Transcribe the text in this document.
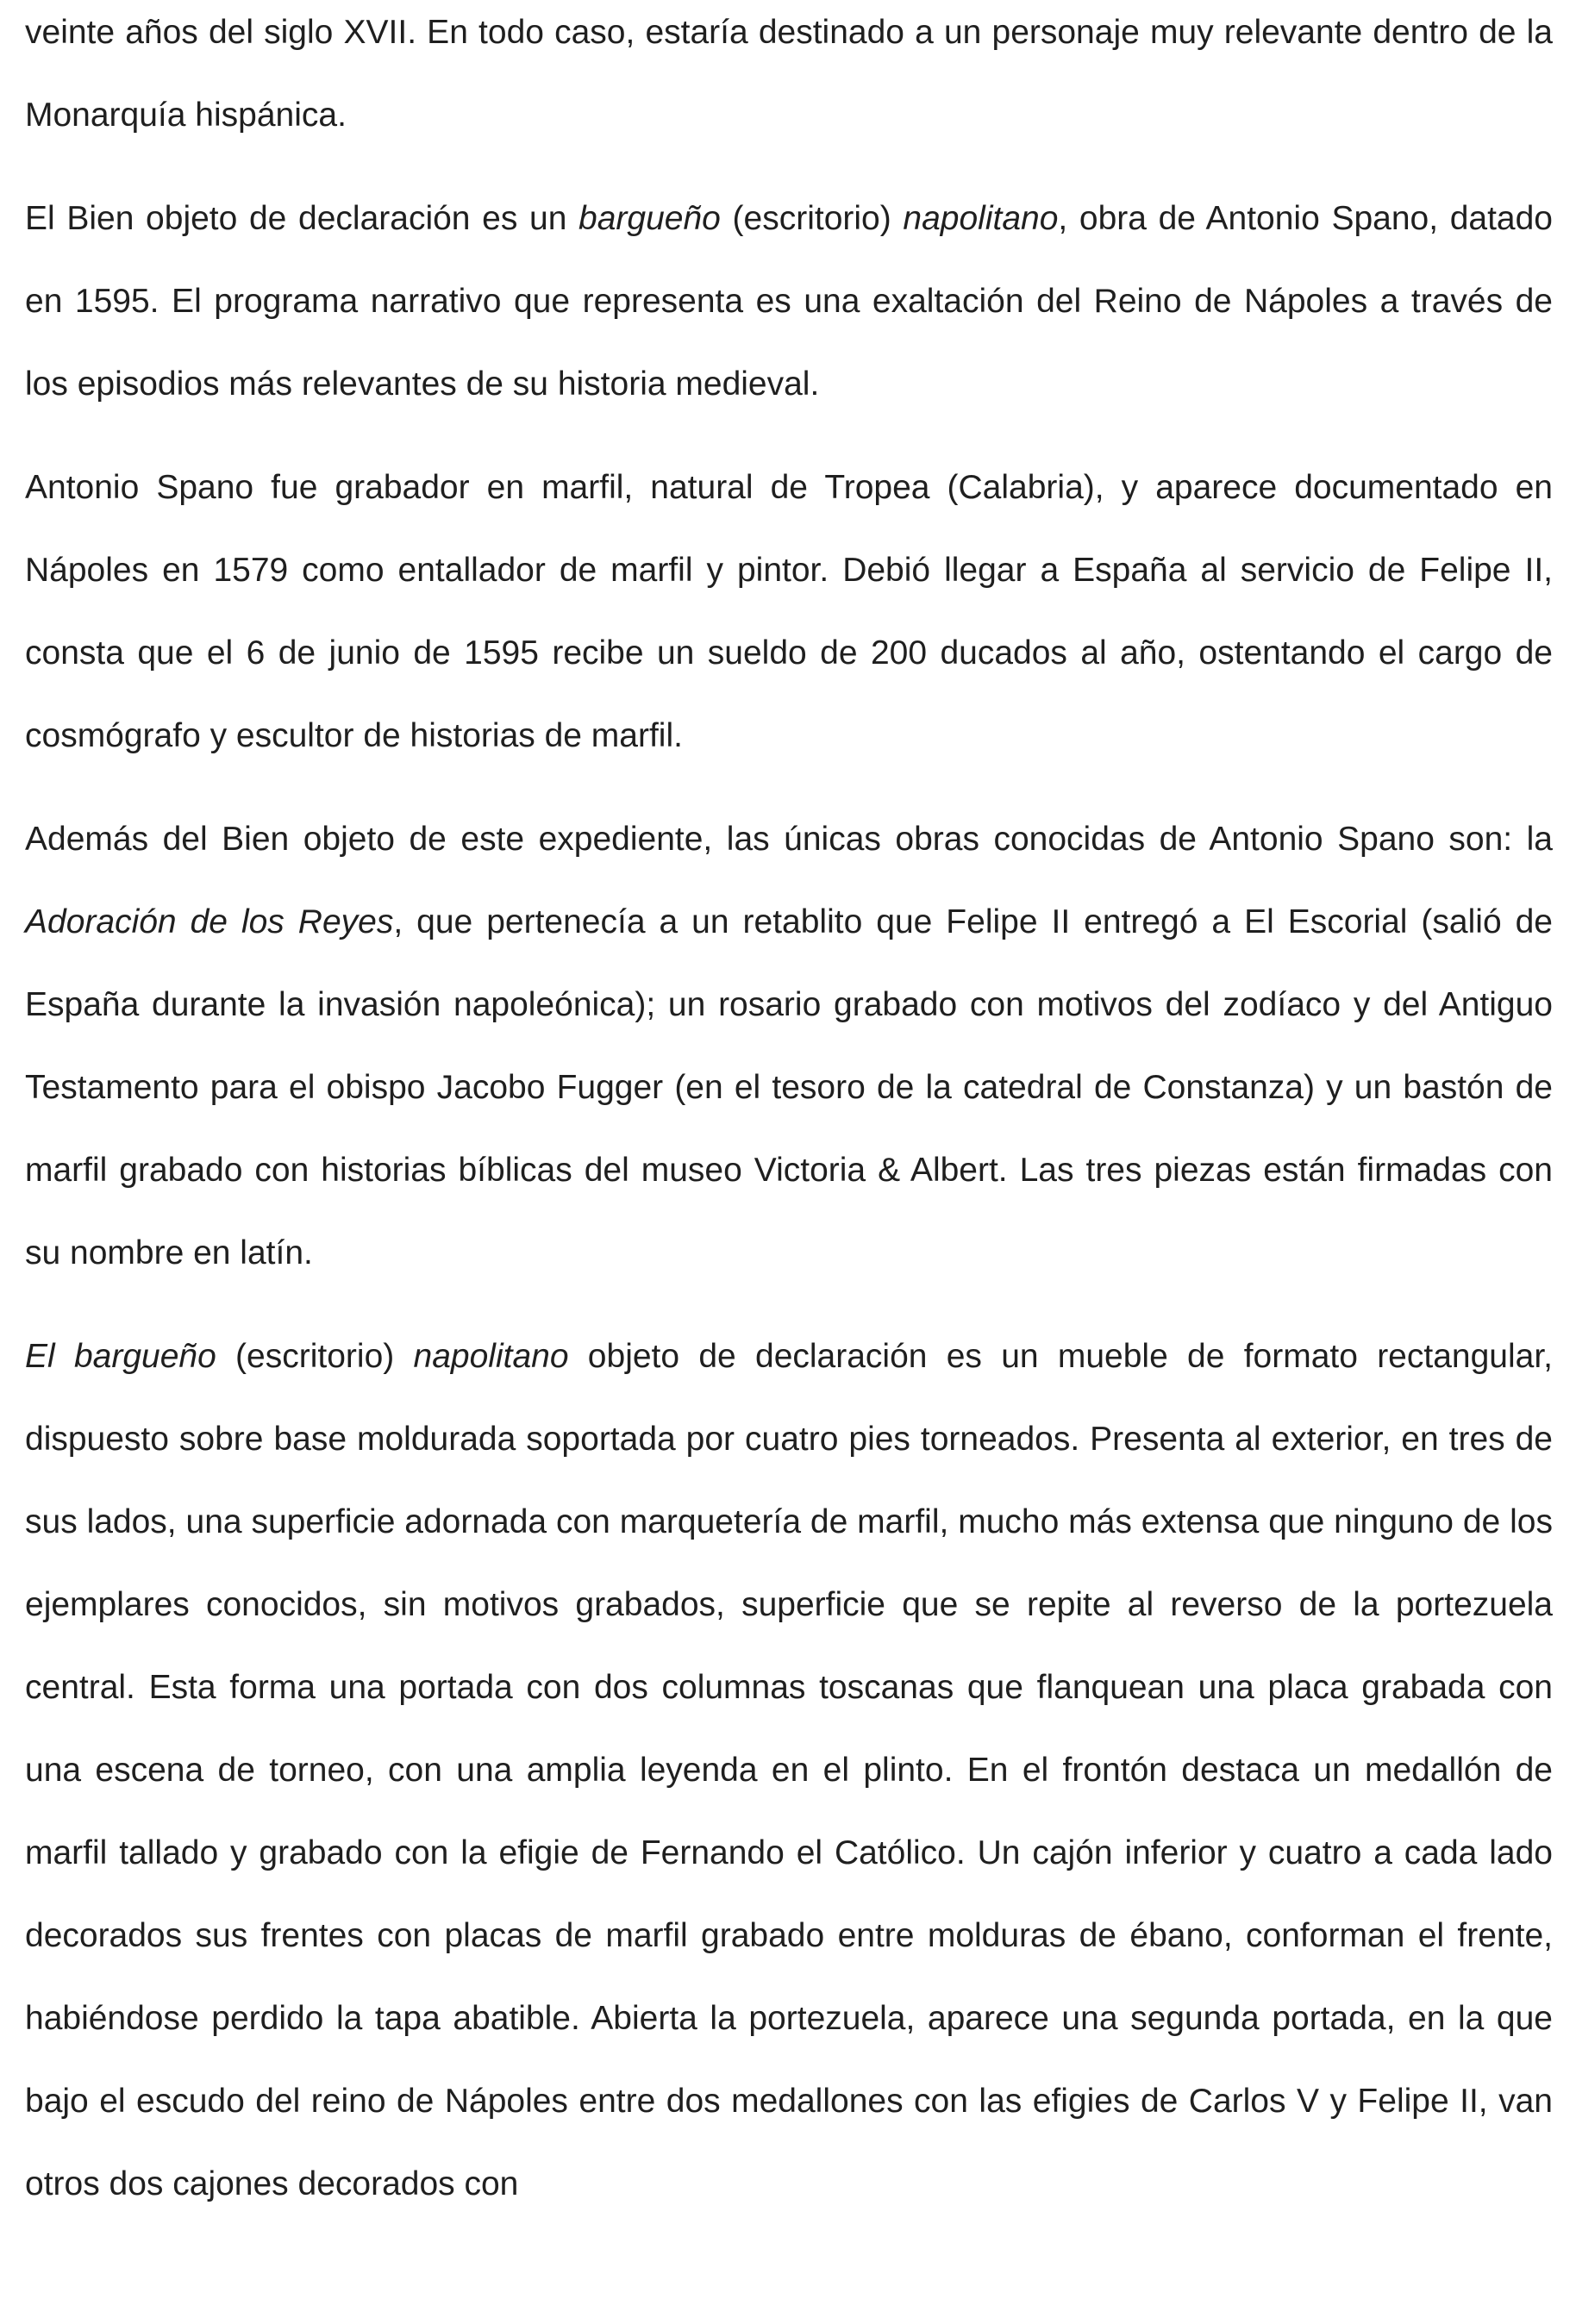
veinte años del siglo XVII. En todo caso, estaría destinado a un personaje muy relevante dentro de la Monarquía hispánica.

El Bien objeto de declaración es un bargueño (escritorio) napolitano, obra de Antonio Spano, datado en 1595. El programa narrativo que representa es una exaltación del Reino de Nápoles a través de los episodios más relevantes de su historia medieval.

Antonio Spano fue grabador en marfil, natural de Tropea (Calabria), y aparece documentado en Nápoles en 1579 como entallador de marfil y pintor. Debió llegar a España al servicio de Felipe II, consta que el 6 de junio de 1595 recibe un sueldo de 200 ducados al año, ostentando el cargo de cosmógrafo y escultor de historias de marfil.

Además del Bien objeto de este expediente, las únicas obras conocidas de Antonio Spano son: la Adoración de los Reyes, que pertenecía a un retablito que Felipe II entregó a El Escorial (salió de España durante la invasión napoleónica); un rosario grabado con motivos del zodíaco y del Antiguo Testamento para el obispo Jacobo Fugger (en el tesoro de la catedral de Constanza) y un bastón de marfil grabado con historias bíblicas del museo Victoria & Albert. Las tres piezas están firmadas con su nombre en latín.

El bargueño (escritorio) napolitano objeto de declaración es un mueble de formato rectangular, dispuesto sobre base moldurada soportada por cuatro pies torneados. Presenta al exterior, en tres de sus lados, una superficie adornada con marquetería de marfil, mucho más extensa que ninguno de los ejemplares conocidos, sin motivos grabados, superficie que se repite al reverso de la portezuela central. Esta forma una portada con dos columnas toscanas que flanquean una placa grabada con una escena de torneo, con una amplia leyenda en el plinto. En el frontón destaca un medallón de marfil tallado y grabado con la efigie de Fernando el Católico. Un cajón inferior y cuatro a cada lado decorados sus frentes con placas de marfil grabado entre molduras de ébano, conforman el frente, habiéndose perdido la tapa abatible. Abierta la portezuela, aparece una segunda portada, en la que bajo el escudo del reino de Nápoles entre dos medallones con las efigies de Carlos V y Felipe II, van otros dos cajones decorados con
